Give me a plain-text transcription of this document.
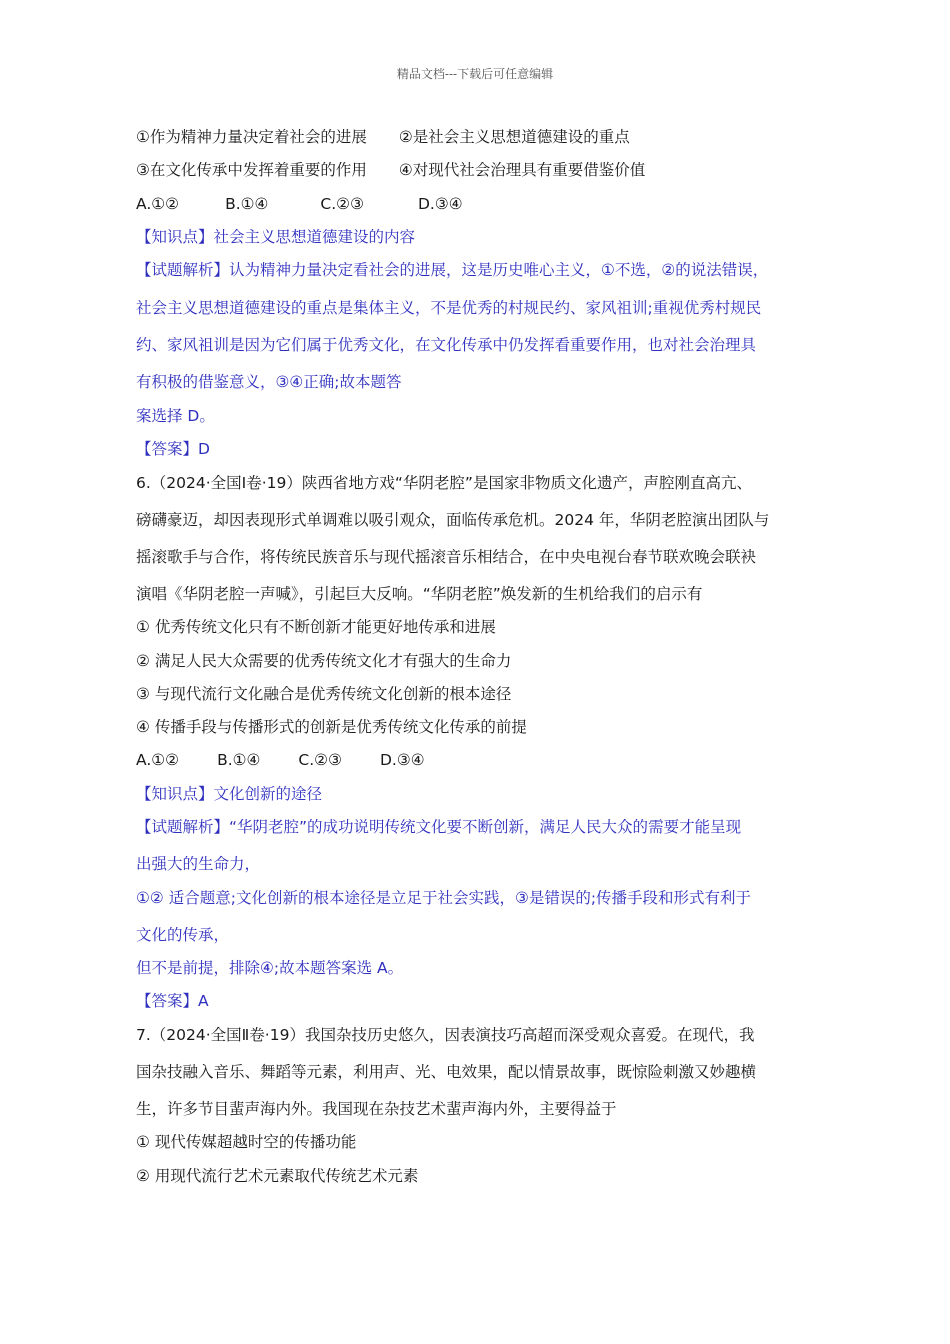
精品文档---下载后可任意编辑
①作为精神力量决定着社会的进展 ②是社会主义思想道德建设的重点
③在文化传承中发挥着重要的作用 ④对现代社会治理具有重要借鉴价值
A.①②	B.①④	C.②③	D.③④
【知识点】社会主义思想道德建设的内容
【试题解析】认为精神力量决定看社会的进展，这是历史唯心主义，①不选，②的说法错误，
社会主义思想道德建设的重点是集体主义，不是优秀的村规民约、家风祖训;重视优秀村规民
约、家风祖训是因为它们属于优秀文化，在文化传承中仍发挥看重要作用，也对社会治理具
有积极的借鉴意义，③④正确;故本题答
案选择 D。
【答案】D
6.（2024·全国Ⅰ卷·19）陕西省地方戏“华阴老腔”是国家非物质文化遗产，声腔刚直高亢、
磅礴豪迈，却因表现形式单调难以吸引观众，面临传承危机。2024 年，华阴老腔演出团队与
摇滚歌手与合作，将传统民族音乐与现代摇滚音乐相结合，在中央电视台春节联欢晚会联袂
演唱《华阴老腔一声喊》，引起巨大反响。“华阴老腔”焕发新的生机给我们的启示有
① 优秀传统文化只有不断创新才能更好地传承和进展
② 满足人民大众需要的优秀传统文化才有强大的生命力
③ 与现代流行文化融合是优秀传统文化创新的根本途径
④ 传播手段与传播形式的创新是优秀传统文化传承的前提
A.①② B.①④ C.②③ D.③④
【知识点】文化创新的途径
【试题解析】“华阴老腔”的成功说明传统文化要不断创新，满足人民大众的需要才能呈现
出强大的生命力，
①② 适合题意;文化创新的根本途径是立足于社会实践，③是错误的;传播手段和形式有利于
文化的传承，
但不是前提，排除④;故本题答案选 A。
【答案】A
7.（2024·全国Ⅱ卷·19）我国杂技历史悠久，因表演技巧高超而深受观众喜爱。在现代，我
国杂技融入音乐、舞蹈等元素，利用声、光、电效果，配以情景故事，既惊险刺激又妙趣横
生，许多节目蜚声海内外。我国现在杂技艺术蜚声海内外，主要得益于
① 现代传媒超越时空的传播功能
② 用现代流行艺术元素取代传统艺术元素
